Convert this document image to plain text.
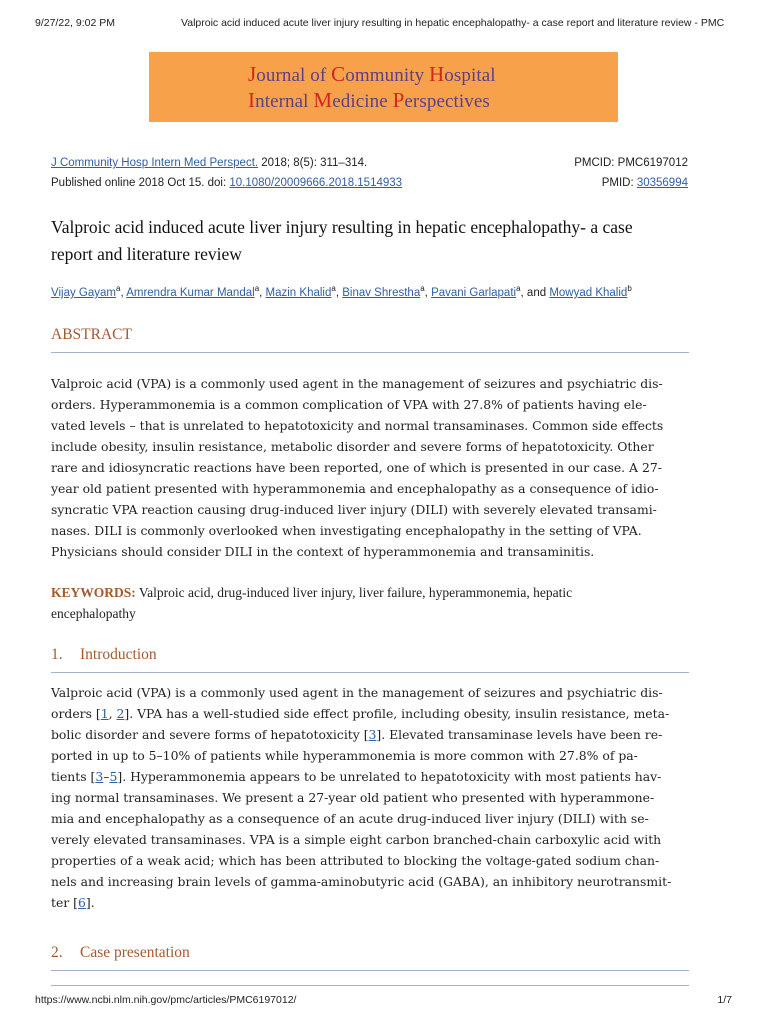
9/27/22, 9:02 PM	Valproic acid induced acute liver injury resulting in hepatic encephalopathy- a case report and literature review - PMC
Journal of Community Hospital
Internal Medicine Perspectives
J Community Hosp Intern Med Perspect. 2018; 8(5): 311–314.	PMCID: PMC6197012
Published online 2018 Oct 15. doi: 10.1080/20009666.2018.1514933	PMID: 30356994
Valproic acid induced acute liver injury resulting in hepatic encephalopathy- a case
report and literature review
Vijay Gayam$^a$, Amrendra Kumar Mandal$^a$, Mazin Khalid$^a$, Binav Shrestha$^a$, Pavani Garlapati$^a$, and Mowyad Khalid$^b$
ABSTRACT
Valproic acid (VPA) is a commonly used agent in the management of seizures and psychiatric dis-
orders. Hyperammonemia is a common complication of VPA with 27.8% of patients having ele-
vated levels – that is unrelated to hepatotoxicity and normal transaminases. Common side effects
include obesity, insulin resistance, metabolic disorder and severe forms of hepatotoxicity. Other
rare and idiosyncratic reactions have been reported, one of which is presented in our case. A 27-
year old patient presented with hyperammonemia and encephalopathy as a consequence of idio-
syncratic VPA reaction causing drug-induced liver injury (DILI) with severely elevated transami-
nases. DILI is commonly overlooked when investigating encephalopathy in the setting of VPA.
Physicians should consider DILI in the context of hyperammonemia and transaminitis.
KEYWORDS: Valproic acid, drug-induced liver injury, liver failure, hyperammonemia, hepatic
encephalopathy
1. Introduction
Valproic acid (VPA) is a commonly used agent in the management of seizures and psychiatric dis-
orders [1, 2]. VPA has a well-studied side effect profile, including obesity, insulin resistance, meta-
bolic disorder and severe forms of hepatotoxicity [3]. Elevated transaminase levels have been re-
ported in up to 5–10% of patients while hyperammonemia is more common with 27.8% of pa-
tients [3–5]. Hyperammonemia appears to be unrelated to hepatotoxicity with most patients hav-
ing normal transaminases. We present a 27-year old patient who presented with hyperammone-
mia and encephalopathy as a consequence of an acute drug-induced liver injury (DILI) with se-
verely elevated transaminases. VPA is a simple eight carbon branched-chain carboxylic acid with
properties of a weak acid; which has been attributed to blocking the voltage-gated sodium chan-
nels and increasing brain levels of gamma-aminobutyric acid (GABA), an inhibitory neurotransmit-
ter [6].
2. Case presentation
https://www.ncbi.nlm.nih.gov/pmc/articles/PMC6197012/	1/7
